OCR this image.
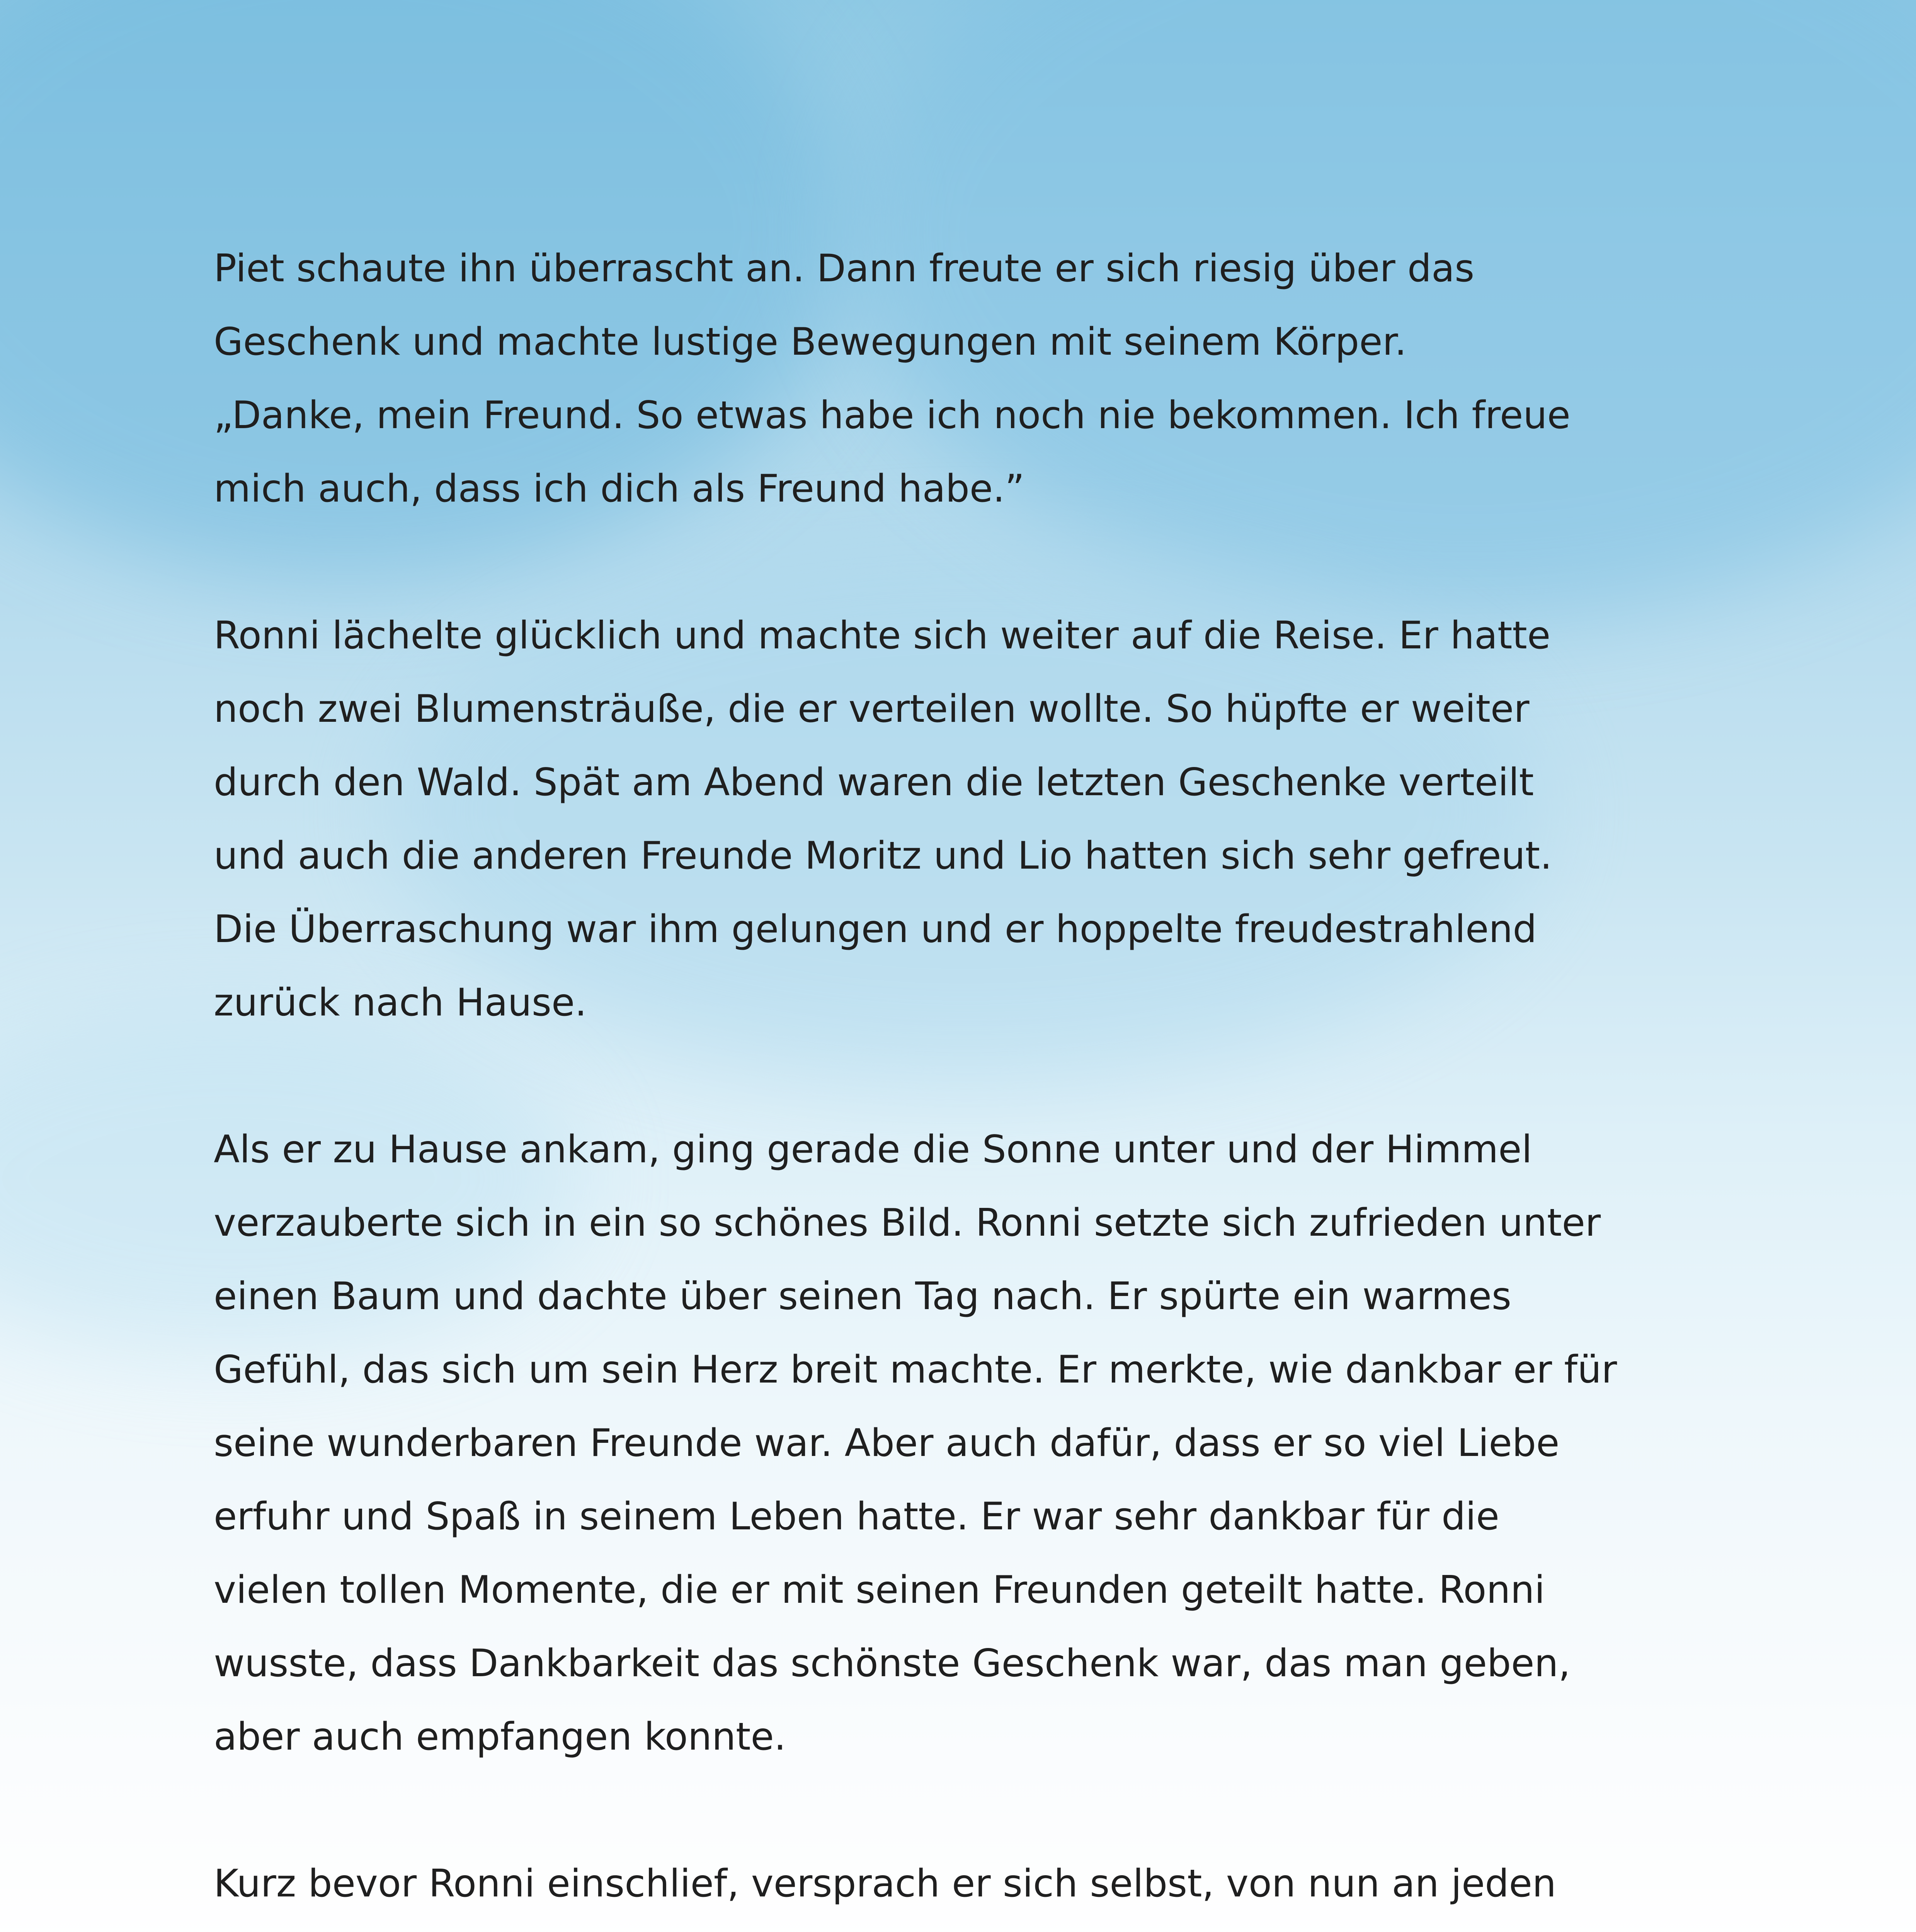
Piet schaute ihn überrascht an. Dann freute er sich riesig über das
Geschenk und machte lustige Bewegungen mit seinem Körper.
„Danke, mein Freund. So etwas habe ich noch nie bekommen. Ich freue
mich auch, dass ich dich als Freund habe.”

Ronni lächelte glücklich und machte sich weiter auf die Reise. Er hatte
noch zwei Blumensträuße, die er verteilen wollte. So hüpfte er weiter
durch den Wald. Spät am Abend waren die letzten Geschenke verteilt
und auch die anderen Freunde Moritz und Lio hatten sich sehr gefreut.
Die Überraschung war ihm gelungen und er hoppelte freudestrahlend
zurück nach Hause.

Als er zu Hause ankam, ging gerade die Sonne unter und der Himmel
verzauberte sich in ein so schönes Bild. Ronni setzte sich zufrieden unter
einen Baum und dachte über seinen Tag nach. Er spürte ein warmes
Gefühl, das sich um sein Herz breit machte. Er merkte, wie dankbar er für
seine wunderbaren Freunde war. Aber auch dafür, dass er so viel Liebe
erfuhr und Spaß in seinem Leben hatte. Er war sehr dankbar für die
vielen tollen Momente, die er mit seinen Freunden geteilt hatte. Ronni
wusste, dass Dankbarkeit das schönste Geschenk war, das man geben,
aber auch empfangen konnte.

Kurz bevor Ronni einschlief, versprach er sich selbst, von nun an jeden
